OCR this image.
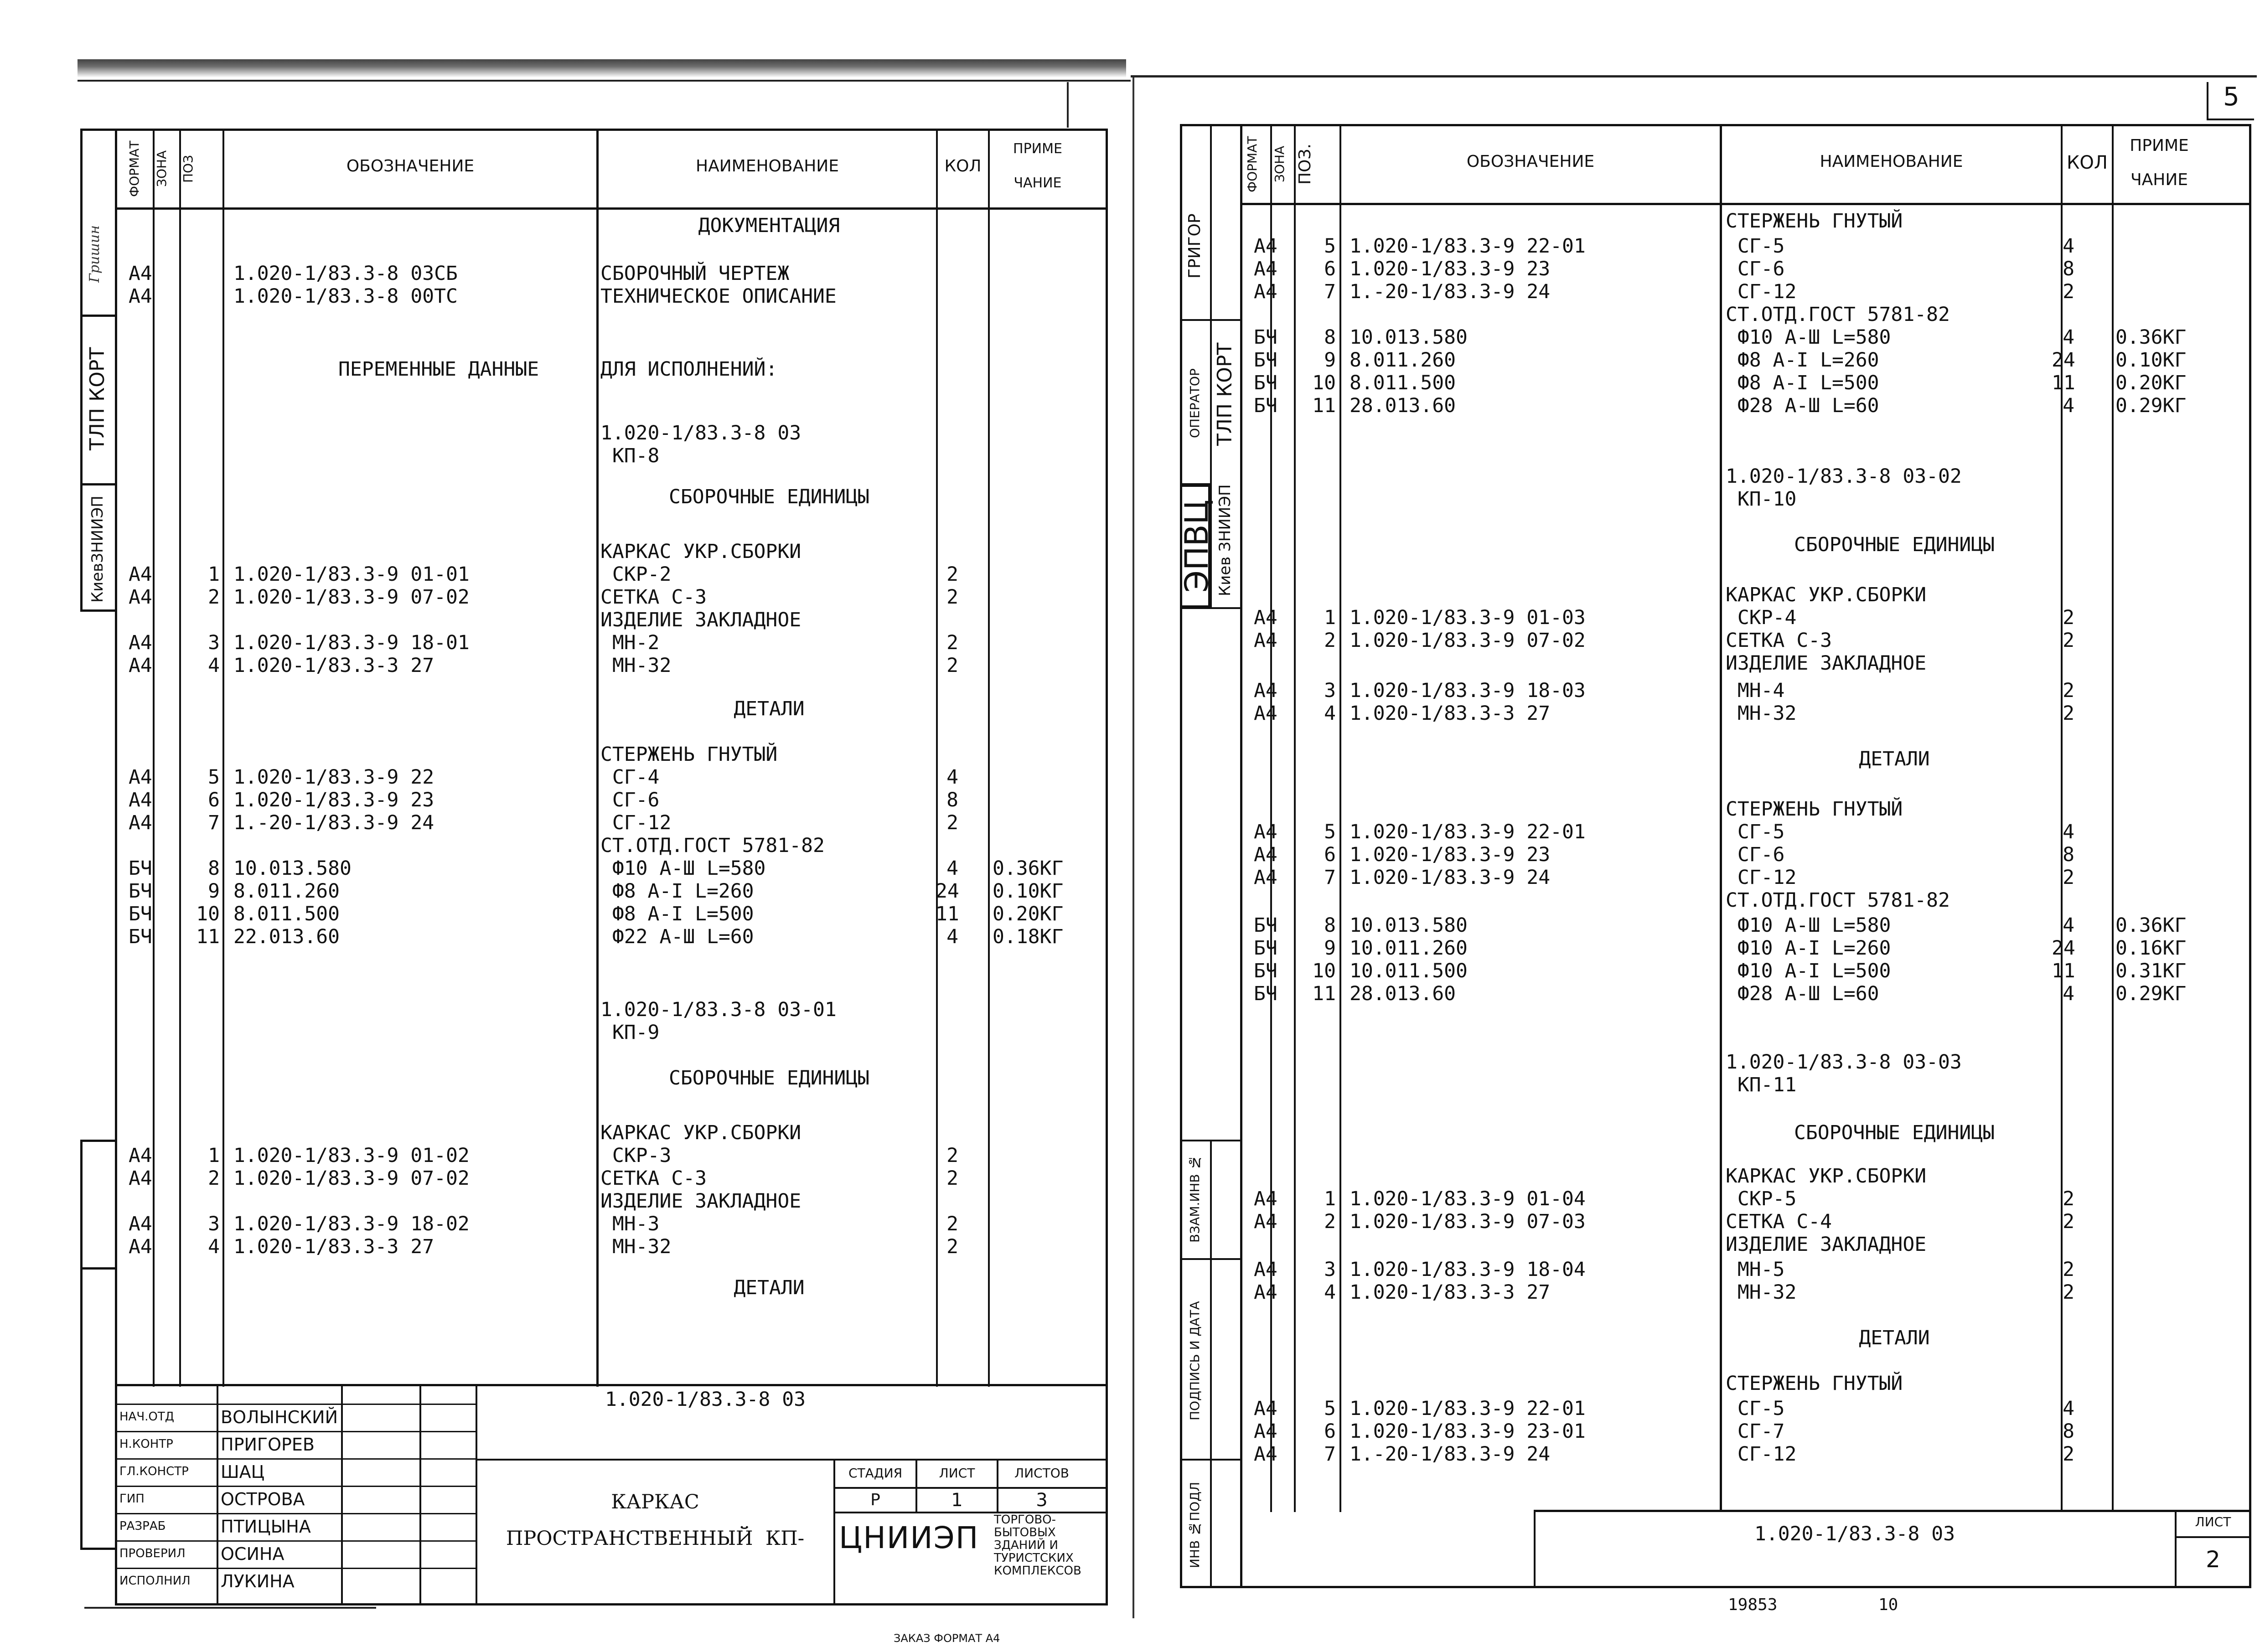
ТЛП КОРТ
КиевЗНИИЭП
Гришин
ФОРМАТ ЗОНА ПОЗ	ОБОЗНАЧЕНИЕ	НАИМЕНОВАНИЕ	КОЛ
ПРИМЕ
ЧАНИЕ
ДОКУМЕНТАЦИЯ
А4	1.020-1/83.3-8 03СБ	СБОРОЧНЫЙ ЧЕРТЕЖ
А4	1.020-1/83.3-8 00ТС	ТЕХНИЧЕСКОЕ ОПИСАНИЕ
ПЕРЕМЕННЫЕ ДАННЫЕ	ДЛЯ ИСПОЛНЕНИЙ:
1.020-1/83.3-8 03
КП-8
СБОРОЧНЫЕ ЕДИНИЦЫ
КАРКАС УКР.СБОРКИ
А4	1 1.020-1/83.3-9 01-01	СКР-2	2
А4	2 1.020-1/83.3-9 07-02	СЕТКА С-3	2
ИЗДЕЛИЕ ЗАКЛАДНОЕ
А4	3 1.020-1/83.3-9 18-01	МН-2	2
А4	4 1.020-1/83.3-3 27	МН-32	2
ДЕТАЛИ
СТЕРЖЕНЬ ГНУТЫЙ
А4	5 1.020-1/83.3-9 22	СГ-4	4
А4	6 1.020-1/83.3-9 23	СГ-6	8
А4	7 1.-20-1/83.3-9 24	СГ-12	2
СТ.ОТД.ГОСТ 5781-82
БЧ	8 10.013.580	Ф10 А-Ш L=580	4 0.36КГ
БЧ	9 8.011.260	Ф8 А-I L=260	24 0.10КГ
БЧ	10 8.011.500	Ф8 А-I L=500	11 0.20КГ
БЧ	11 22.013.60	Ф22 А-Ш L=60	4 0.18КГ
1.020-1/83.3-8 03-01
КП-9
СБОРОЧНЫЕ ЕДИНИЦЫ
КАРКАС УКР.СБОРКИ
А4	1 1.020-1/83.3-9 01-02	СКР-3	2
А4	2 1.020-1/83.3-9 07-02	СЕТКА С-3	2
ИЗДЕЛИЕ ЗАКЛАДНОЕ
А4	3 1.020-1/83.3-9 18-02	МН-3	2
А4	4 1.020-1/83.3-3 27	МН-32	2
ДЕТАЛИ
НАЧ.ОТД	ВОЛЫНСКИЙ
Н.КОНТР	ПРИГОРЕВ
ГЛ.КОНСТР	ШАЦ
ГИП	ОСТРОВА
РАЗРАБ	ПТИЦЫНА
ПРОВЕРИЛ	ОСИНА
ИСПОЛНИЛ	ЛУКИНА
1.020-1/83.3-8 03
КАРКАС
ПРОСТРАНСТВЕННЫЙ  КП-
СТАДИЯ	ЛИСТ	ЛИСТОВ
Р	1	3
ЦНИИЭП
ТОРГОВО-БЫТОВЫХ ЗДАНИЙ И ТУРИСТСКИХ КОМПЛЕКСОВ
ЗАКАЗ ФОРМАТ А4
5
ГРИГОР
ОПЕРАТОР ТЛП КОРТ
Киев ЗНИИЭП
ЭПВЦ
ВЗАМ.ИНВ №
ПОДПИСЬ И ДАТА
ИНВ №ПОДЛ
ФОРМАТ ЗОНА ПОЗ.	ОБОЗНАЧЕНИЕ	НАИМЕНОВАНИЕ	КОЛ
ПРИМЕ
ЧАНИЕ
СТЕРЖЕНЬ ГНУТЫЙ
А4	5 1.020-1/83.3-9 22-01	СГ-5	4
А4	6 1.020-1/83.3-9 23	СГ-6	8
А4	7 1.-20-1/83.3-9 24	СГ-12	2
СТ.ОТД.ГОСТ 5781-82
БЧ	8 10.013.580	Ф10 А-Ш L=580	4 0.36КГ
БЧ	9 8.011.260	Ф8 А-I L=260	24 0.10КГ
БЧ	10 8.011.500	Ф8 А-I L=500	11 0.20КГ
БЧ	11 28.013.60	Ф28 А-Ш L=60	4 0.29КГ
1.020-1/83.3-8 03-02
КП-10
СБОРОЧНЫЕ ЕДИНИЦЫ
КАРКАС УКР.СБОРКИ
А4	1 1.020-1/83.3-9 01-03	СКР-4	2
А4	2 1.020-1/83.3-9 07-02	СЕТКА С-3	2
ИЗДЕЛИЕ ЗАКЛАДНОЕ
А4	3 1.020-1/83.3-9 18-03	МН-4	2
А4	4 1.020-1/83.3-3 27	МН-32	2
ДЕТАЛИ
СТЕРЖЕНЬ ГНУТЫЙ
А4	5 1.020-1/83.3-9 22-01	СГ-5	4
А4	6 1.020-1/83.3-9 23	СГ-6	8
А4	7 1.020-1/83.3-9 24	СГ-12	2
СТ.ОТД.ГОСТ 5781-82
БЧ	8 10.013.580	Ф10 А-Ш L=580	4 0.36КГ
БЧ	9 10.011.260	Ф10 А-I L=260	24 0.16КГ
БЧ	10 10.011.500	Ф10 А-I L=500	11 0.31КГ
БЧ	11 28.013.60	Ф28 А-Ш L=60	4 0.29КГ
1.020-1/83.3-8 03-03
КП-11
СБОРОЧНЫЕ ЕДИНИЦЫ
КАРКАС УКР.СБОРКИ
А4	1 1.020-1/83.3-9 01-04	СКР-5	2
А4	2 1.020-1/83.3-9 07-03	СЕТКА С-4	2
ИЗДЕЛИЕ ЗАКЛАДНОЕ
А4	3 1.020-1/83.3-9 18-04	МН-5	2
А4	4 1.020-1/83.3-3 27	МН-32	2
ДЕТАЛИ
СТЕРЖЕНЬ ГНУТЫЙ
А4	5 1.020-1/83.3-9 22-01	СГ-5	4
А4	6 1.020-1/83.3-9 23-01	СГ-7	8
А4	7 1.-20-1/83.3-9 24	СГ-12	2
1.020-1/83.3-8 03
ЛИСТ
2
19853	10
